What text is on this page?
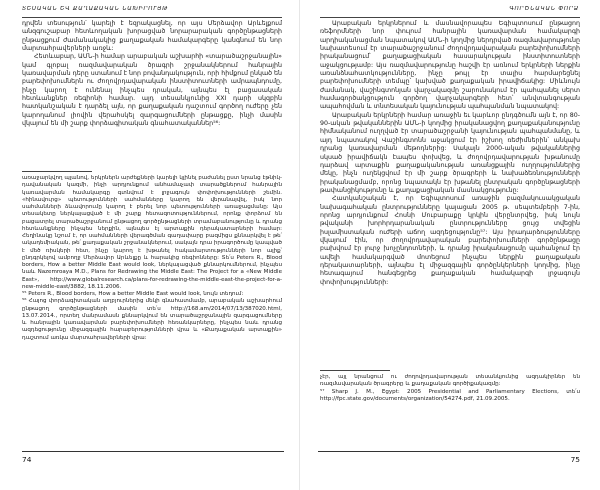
ՏԵՍԱԿԱՆ ԵՎ ՔԱՂԱՔԱԿԱՆ ՆԱԽԻՐՈՒՅԹ

դրվեն տեսություն՝ կարելի է եզրակացնել, որ այս Մերձավոր Արևելքում անզգուշաբար հետևողական խորացված նորարարական գործընթացների ընթացքում ժամանակակից քաղաքական համակարգերը կանգնում են նոր մարտահրավերների առջև:

Հետևաբար, ԱՄՆ-ի համար արաբական աշխարհի «տարածաշրջանային» կամ գլոբալ ռազմավարական ծրագրի շրջանակներում հանրային կառավարման դերը ստանում է նոր բովանդակություն, որի հիմքում ընկած են բարեփոխումներն ու ժողովրդավարական ինստիտուտների ամրապնդումը, ինչը կարող է ունենալ ինչպես դրական, այնպես էլ բացասական հետևանքներ ռեգիոնի համար. այդ տեսանկյունից XXI դարի սկզբին հատկանշական է դարձել այն, որ քաղաքական դաշտում գործող ուժերը չեն կարողանում լիովին վերահսկել զարգացումների ընթացքը, ինչի մասին վկայում են մի շարք փորձագիտական գնահատականներ⁵⁶:

առաջարկվող պլանով, երկրներն արժեքների կարելի կլինել բաժանել ըստ նրանց էթնիկ-դավանական կազմի, ինչի արդյունքում անհամաչափ տարածքներում հանրային կառավարման համակարգը գտնվում է լրջագույն փոփոխությունների շեմին. «հինավուրց» պետությունների սահմանները կարող են վերանայվել, իսկ նոր սահմանների ձևավորումը կարող է բերել նոր պետությունների առաջացմանը: Այս տեսակետը ներկայացված է մի շարք հետազոտություններում, որոնք փորձում են բացատրել տարածաշրջանում ընթացող գործընթացների տրամաբանությունը և դրանց հետևանքները ինչպես ներքին, այնպես էլ արտաքին դերակատարների համար: Հեղինակը նշում է, որ սահմանների վերագծման գաղափարը բազմիցս քննարկվել է թե՛ ակադեմիական, թե՛ քաղաքական շրջանակներում, սակայն դրա իրագործումը կապված է մեծ ռիսկերի հետ, ինչը կարող է խթանել հակամարտությունների նոր ալիք՝ ընդգրկելով ամբողջ Մերձավոր Արևելքը և հարակից ռեգիոնները: Տե՛ս Peters R., Blood borders, How a better Middle East would look, ներկայացված քննարկումներում, ինչպես նաև Nazemroaya M.D., Plans for Redrawing the Middle East: The Project for a «New Middle East», http://www.globalresearch.ca/plans-for-redrawing-the-middle-east-the-project-for-a-new-middle-east/3882, 18.11.2006.

⁵⁵ Peters R., Blood borders, How a better Middle East would look, նույն տեղում:

⁵⁶ Հայոց փորձագիտական աղբյուրներից մեկի գնահատմամբ, արաբական աշխարհում ընթացող գործընթացների մասին տե՛ս http://168.am/2014/07/13/387020.html, 13.07.2014., որտեղ մանրամասն քննարկվում են տարածաշրջանային զարգացումները և հանրային կառավարման բարեփոխումների հեռանկարները, ինչպես նաև դրանց ազդեցությունը միջազգային հարաբերությունների վրա և «Քաղաքական արտաքին» դաշտում առկա մարտահրավերների վրա:

74
ԳՈՐԾՆԱԿԱՆ ՓՈՐՁ

Արաբական երկրներում և մասնավորապես Եգիպտոսում ընթացող ռեֆորմների նոր փուլում հանրային կառավարման համակարգի արդիականացման նպատակով ԱՄՆ-ի կողմից ներդրված ռազմավարությունը նախատեսում էր տարածաշրջանում ժողովրդավարական բարեփոխումների իրականացում՝ քաղաքացիական հասարակության ինստիտուտների աջակցությամբ: Այս ռազմավարությունը հաշվի էր առնում երկրների ներքին առանձնահատկությունները, ինչը թույլ էր տալիս հարմարեցնել բարեփոխումների տեմպը՝ կախված քաղաքական իրավիճակից: Միևնույն ժամանակ, վաշինգտոնյան վարչակազմը շարունակում էր պահպանել սերտ համագործակցություն գործող վարչակարգերի հետ՝ անվտանգության ապահովման և տնտեսական կայունության պահպանման նպատակով:

Արաբական երկրների համար առաջին եւ կարևոր ընդգծումն այն է, որ 80-90-ական թվականներին ԱՄՆ-ի կողմից իրականացվող քաղաքականությունը հիմնականում ուղղված էր տարածաշրջանի կայունության պահպանմանը, և այդ նպատակով Վաշինգտոնն աջակցում էր իշխող ռեժիմներին՝ անկախ դրանց կառավարման մեթոդներից: Սակայն 2000-ական թվականներից սկսած իրավիճակն էապես փոխվեց, և ժողովրդավարության խթանումը դարձավ արտաքին քաղաքականության առանցքային ուղղություններից մեկը, ինչն ուղեկցվում էր մի շարք ծրագրերի և նախաձեռնությունների իրականացմամբ, որոնց նպատակն էր խթանել ընտրական գործընթացների թափանցիկությունը և քաղաքացիական մասնակցությունը:

Հատկանշական է, որ Եգիպտոսում առաջին բազմակուսակցական նախագահական ընտրությունները կայացան 2005 թ. սեպտեմբերի 7-ին, որոնց արդյունքում Հոսնի Մուբարաքը կրկին վերընտրվեց, իսկ նույն թվականի խորհրդարանական ընտրությունները ցույց տվեցին իսլամիստական ուժերի աճող ազդեցությունը⁵⁷: Այս իրադարձությունները վկայում էին, որ ժողովրդավարական բարեփոխումների գործընթացը բախվում էր լուրջ խոչընդոտների, և դրանց իրականացումը պահանջում էր ավելի համակարգված մոտեցում ինչպես ներքին քաղաքական դերակատարների, այնպես էլ միջազգային գործընկերների կողմից, ինչը հետագայում հանգեցրեց քաղաքական համակարգի լրջագույն փոփոխությունների:

չէր, այլ նրանցում ու ժողովրդավարության տեսանկյունից ազդակիրներ են ռազմավարական ծրագրերը և քաղաքական գործիքակազմը:

⁵⁷ Sharp J. M., Egypt: 2005 Presidential and Parliamentary Elections, տե՛ս http://fpc.state.gov/documents/organization/54274.pdf, 21.09.2005.

75
